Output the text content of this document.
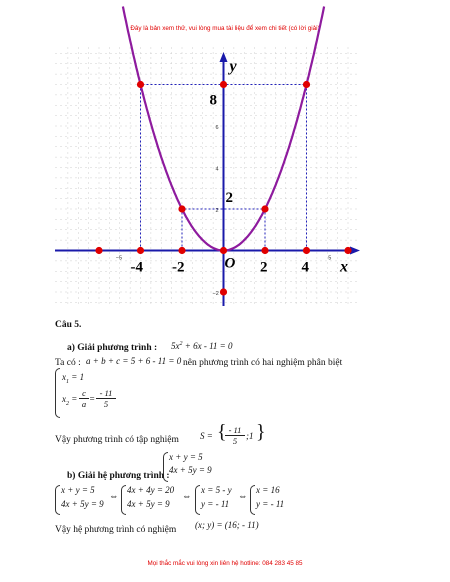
Đây là bản xem thử, vui lòng mua tài liệu để xem chi tiết (có lời giải)
−5	5
2
4
6
−2
-4 -2	O 2 4
2
8
x
y
Câu 5.
a) Giải phương trình : $5x^2 + 6x - 11 = 0$
Ta có : a + b + c = 5 + 6 - 11 = 0 nên phương trình có hai nghiệm phân biệt
$x_1 = 1$
$x_2 = \frac{c}{a} = \frac{- 11}{5}$
Vậy phương trình có tập nghiệm S = {
$\frac{- 11}{5}$ ;1 }
x + y = 5
4x + 5y = 9
b) Giải hệ phương trình :
x + y = 5
4x + 5y = 9
⇔
4x + 4y = 20
4x + 5y = 9
⇔
x = 5 - y
y = - 11
⇔
x = 16
y = - 11
Vậy hệ phương trình có nghiệm (x; y) = (16; - 11)
Mọi thắc mắc vui lòng xin liên hệ hotline: 084 283 45 85
